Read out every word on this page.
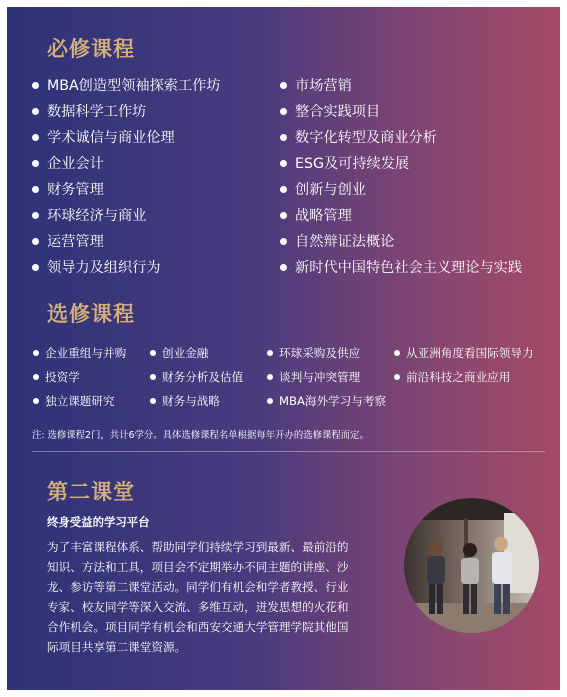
必修课程
MBA创造型领袖探索工作坊
数据科学工作坊
学术诚信与商业伦理
企业会计
财务管理
环球经济与商业
运营管理
领导力及组织行为
市场营销
整合实践项目
数字化转型及商业分析
ESG及可持续发展
创新与创业
战略管理
自然辩证法概论
新时代中国特色社会主义理论与实践
选修课程
企业重组与并购
投资学
独立课题研究
创业金融
财务分析及估值
财务与战略
环球采购及供应
谈判与冲突管理
MBA海外学习与考察
从亚洲角度看国际领导力
前沿科技之商业应用
注: 选修课程2门，共计6学分。具体选修课程名单根据每年开办的选修课程而定。
第二课堂
终身受益的学习平台
为了丰富课程体系、帮助同学们持续学习到最新、最前沿的
知识、方法和工具，项目会不定期举办不同主题的讲座、沙
龙、参访等第二课堂活动。同学们有机会和学者教授、行业
专家、校友同学等深入交流、多维互动，迸发思想的火花和
合作机会。项目同学有机会和西安交通大学管理学院其他国
际项目共享第二课堂资源。
